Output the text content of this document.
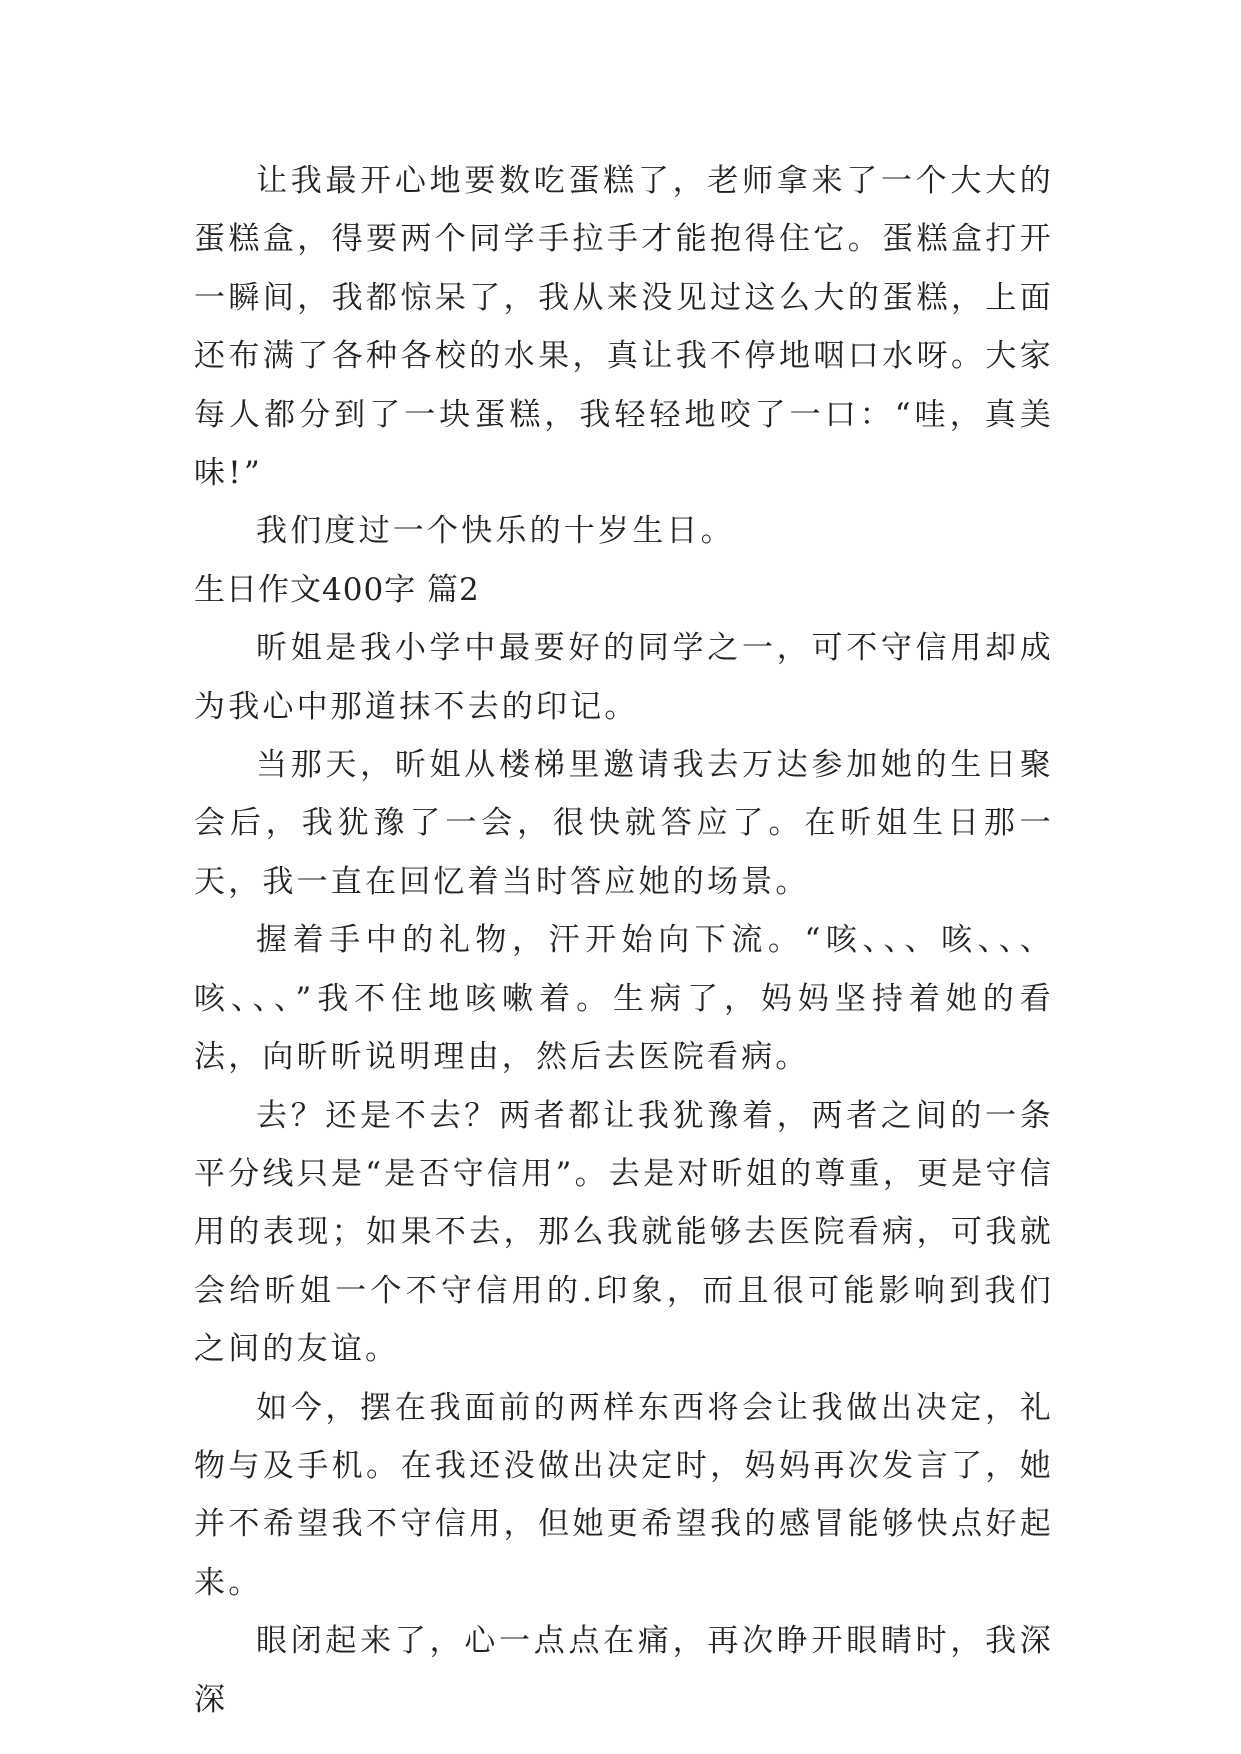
让我最开心地要数吃蛋糕了，老师拿来了一个大大的蛋糕盒，得要两个同学手拉手才能抱得住它。蛋糕盒打开一瞬间，我都惊呆了，我从来没见过这么大的蛋糕，上面还布满了各种各校的水果，真让我不停地咽口水呀。大家每人都分到了一块蛋糕，我轻轻地咬了一口：“哇，真美味!”

我们度过一个快乐的十岁生日。

生日作文400字 篇2

昕姐是我小学中最要好的同学之一，可不守信用却成为我心中那道抹不去的印记。

当那天，昕姐从楼梯里邀请我去万达参加她的生日聚会后，我犹豫了一会，很快就答应了。在昕姐生日那一天，我一直在回忆着当时答应她的场景。

握着手中的礼物，汗开始向下流。“咳、、、咳、、、咳、、、”我不住地咳嗽着。生病了，妈妈坚持着她的看法，向昕昕说明理由，然后去医院看病。

去？还是不去？两者都让我犹豫着，两者之间的一条平分线只是“是否守信用”。去是对昕姐的尊重，更是守信用的表现；如果不去，那么我就能够去医院看病，可我就会给昕姐一个不守信用的.印象，而且很可能影响到我们之间的友谊。

如今，摆在我面前的两样东西将会让我做出决定，礼物与及手机。在我还没做出决定时，妈妈再次发言了，她并不希望我不守信用，但她更希望我的感冒能够快点好起来。

眼闭起来了，心一点点在痛，再次睁开眼睛时，我深深
